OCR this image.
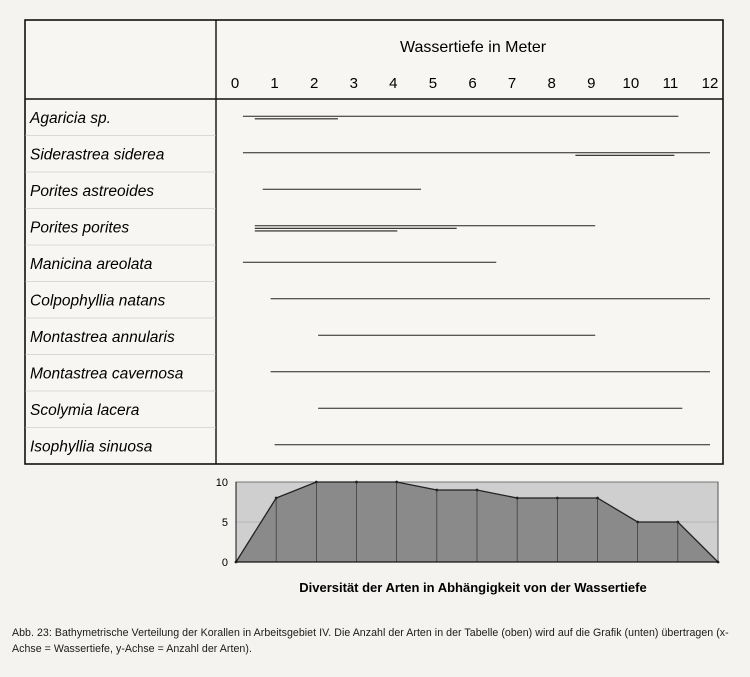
Wassertiefe in Meter
0 1 2 3 4 5 6 7 8 9 10 11 12
Agaricia sp.
Siderastrea siderea
Porites astreoides
Porites porites
Manicina areolata
Colpophyllia natans
Montastrea annularis
Montastrea cavernosa
Scolymia lacera
Isophyllia sinuosa
0
5
10
Diversität der Arten in Abhängigkeit von der Wassertiefe
Abb. 23: Bathymetrische Verteilung der Korallen in Arbeitsgebiet IV. Die Anzahl der Arten in der Tabelle (oben) wird auf die Grafik (unten) übertragen (x-Achse = Wassertiefe, y-Achse = Anzahl der Arten).
